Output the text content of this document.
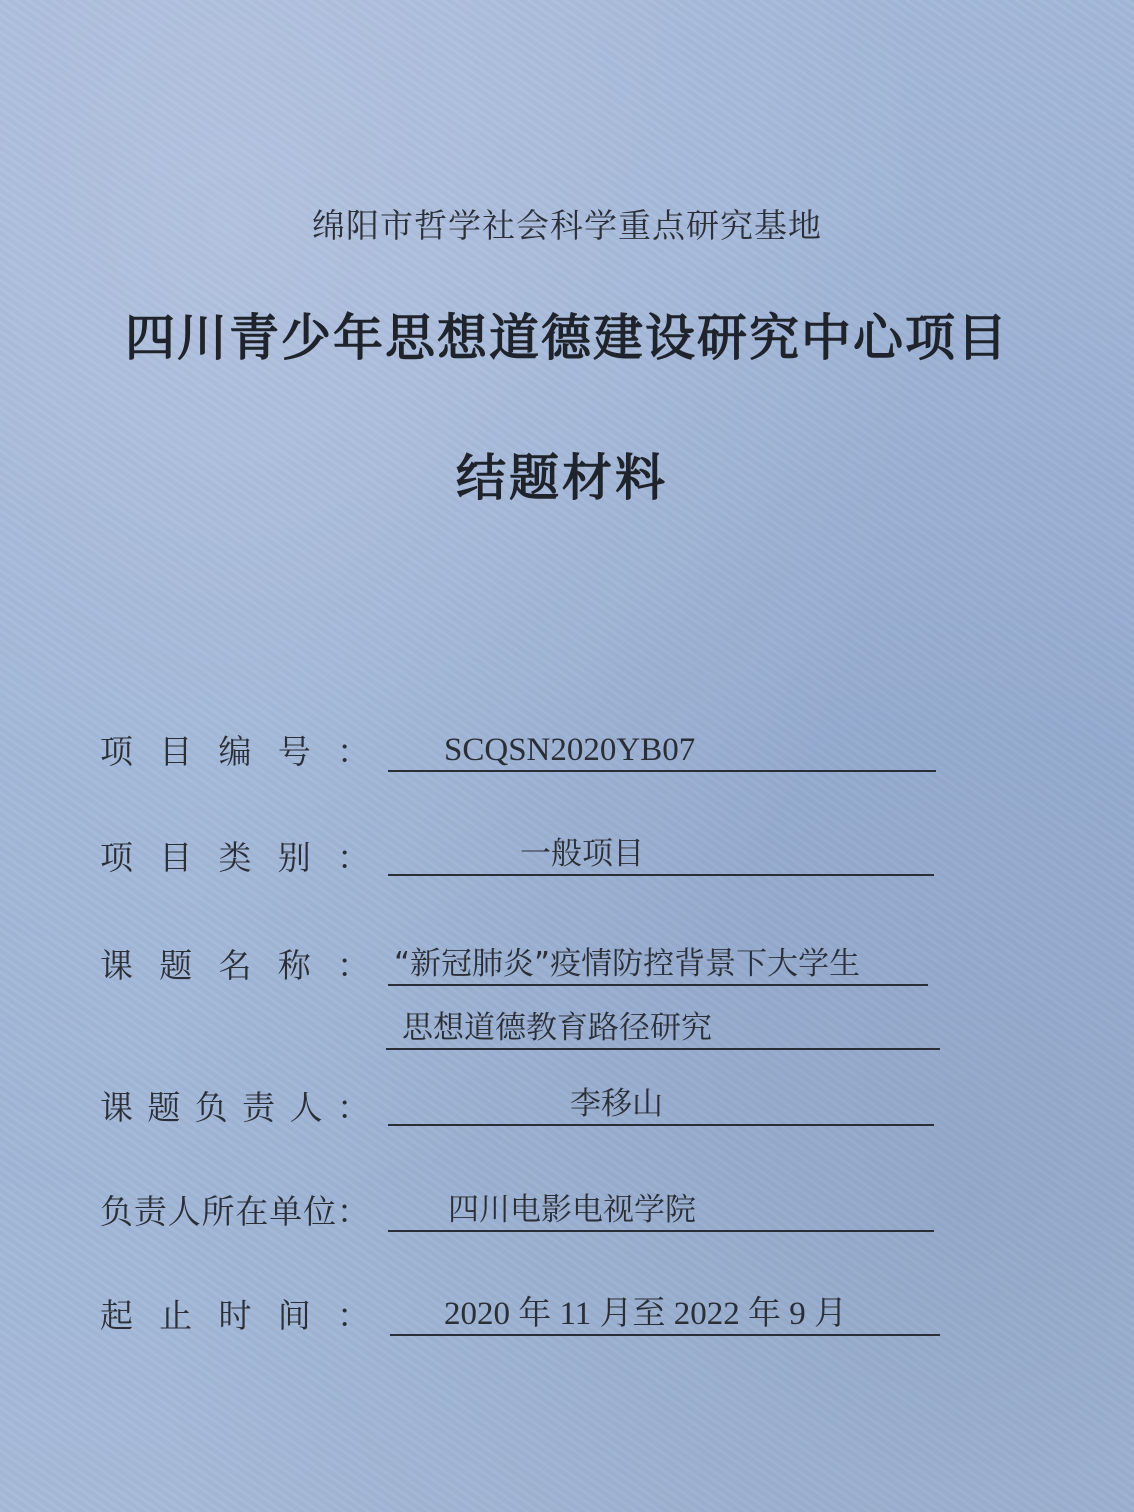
绵阳市哲学社会科学重点研究基地
四川青少年思想道德建设研究中心项目
结题材料
项 目 编 号 ：	SCQSN2020YB07
项 目 类 别 ：	一般项目
课 题 名 称 ： “新冠肺炎”疫情防控背景下大学生
思想道德教育路径研究
课 题 负 责 人 ：	李移山
负 责 人 所 在 单 位 ：	四川电影电视学院
起 止 时 间 ：	2020 年 11 月至 2022 年 9 月
